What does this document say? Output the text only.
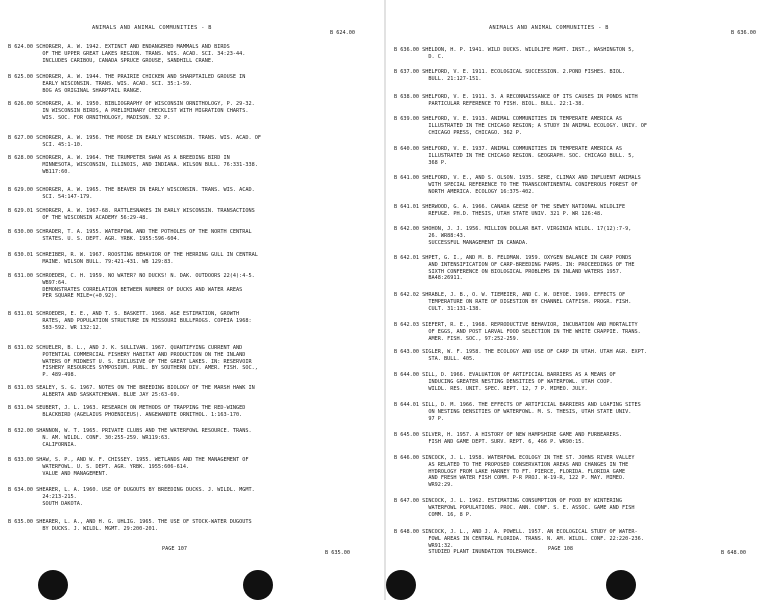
ANIMALS AND ANIMAL COMMUNITIES - B
B 624.00
B 624.00 SCHORGER, A. W. 1942. EXTINCT AND ENDANGERED MAMMALS AND BIRDS
OF THE UPPER GREAT LAKES REGION. TRANS. WIS. ACAD. SCI. 34:23-44.
INCLUDES CARIBOU, CANADA SPRUCE GROUSE, SANDHILL CRANE.
B 625.00 SCHORGER, A. W. 1944. THE PRAIRIE CHICKEN AND SHARPTAILED GROUSE IN
EARLY WISCONSIN. TRANS. WIS. ACAD. SCI. 35:1-59.
BOG AS ORIGINAL SHARPTAIL RANGE.
B 626.00 SCHORGER, A. W. 1950. BIBLIOGRAPHY OF WISCONSIN ORNITHOLOGY, P. 29-32.
IN WISCONSIN BIRDS, A PRELIMINARY CHECKLIST WITH MIGRATION CHARTS.
WIS. SOC. FOR ORNITHOLOGY, MADISON. 32 P.
B 627.00 SCHORGER, A. W. 1956. THE MOOSE IN EARLY WISCONSIN. TRANS. WIS. ACAD. OF
SCI. 45:1-10.
B 628.00 SCHORGER, A. W. 1964. THE TRUMPETER SWAN AS A BREEDING BIRD IN
MINNESOTA, WISCONSIN, ILLINOIS, AND INDIANA. WILSON BULL. 76:331-338.
WB117:60.
B 629.00 SCHORGER, A. W. 1965. THE BEAVER IN EARLY WISCONSIN. TRANS. WIS. ACAD.
SCI. 54:147-179.
B 629.01 SCHORGER, A. W. 1967-68. RATTLESNAKES IN EARLY WISCONSIN. TRANSACTIONS
OF THE WISCONSIN ACADEMY 56:29-48.
B 630.00 SCHRADER, T. A. 1955. WATERFOWL AND THE POTHOLES OF THE NORTH CENTRAL
STATES. U. S. DEPT. AGR. YRBK. 1955:596-604.
B 630.01 SCHREIBER, R. W. 1967. ROOSTING BEHAVIOR OF THE HERRING GULL IN CENTRAL
MAINE. WILSON BULL. 79:421-431. WB 129:83.
B 631.00 SCHROEDER, C. H. 1959. NO WATER? NO DUCKS! N. DAK. OUTDOORS 22(4):4-5.
WB97:64.
DEMONSTRATES CORRELATION BETWEEN NUMBER OF DUCKS AND WATER AREAS
PER SQUARE MILE=(+0.92).
B 631.01 SCHROEDER, E. E., AND T. S. BASKETT. 1968. AGE ESTIMATION, GROWTH
RATES, AND POPULATION STRUCTURE IN MISSOURI BULLFROGS. COPEIA 1968:
583-592. WR 132:12.
B 631.02 SCHUELER, B. L., AND J. K. SULLIVAN. 1967. QUANTIFYING CURRENT AND
POTENTIAL COMMERCIAL FISHERY HABITAT AND PRODUCTION ON THE INLAND
WATERS OF MIDWEST U. S. EXCLUSIVE OF THE GREAT LAKES. IN: RESERVOIR
FISHERY RESOURCES SYMPOSIUM. PUBL. BY SOUTHERN DIV. AMER. FISH. SOC.,
P. 489-498.
B 631.03 SEALEY, S. G. 1967. NOTES ON THE BREEDING BIOLOGY OF THE MARSH HAWK IN
ALBERTA AND SASKATCHEWAN. BLUE JAY 25:63-69.
B 631.04 SEUBERT, J. L. 1963. RESEARCH ON METHODS OF TRAPPING THE RED-WINGED
BLACKBIRD (AGELAIUS PHOENICEUS). ANGEWANDTE ORNITHOL. 1:163-170.
B 632.00 SHANNON, W. T. 1965. PRIVATE CLUBS AND THE WATERFOWL RESOURCE. TRANS.
N. AM. WILDL. CONF. 30:255-259. WR119:63.
CALIFORNIA.
B 633.00 SHAW, S. P., AND W. F. CHISSEY. 1955. WETLANDS AND THE MANAGEMENT OF
WATERFOWL. U. S. DEPT. AGR. YRBK. 1955:606-614.
VALUE AND MANAGEMENT.
B 634.00 SHEARER, L. A. 1960. USE OF DUGOUTS BY BREEDING DUCKS. J. WILDL. MGMT.
24:213-215.
SOUTH DAKOTA.
B 635.00 SHEARER, L. A., AND H. G. UHLIG. 1965. THE USE OF STOCK-WATER DUGOUTS
BY DUCKS. J. WILDL. MGMT. 29:200-201.
PAGE 107
B 635.00
ANIMALS AND ANIMAL COMMUNITIES - B
B 636.00
B 636.00 SHELDON, H. P. 1941. WILD DUCKS. WILDLIFE MGMT. INST., WASHINGTON 5,
D. C.
B 637.00 SHELFORD, V. E. 1911. ECOLOGICAL SUCCESSION. 2.POND FISHES. BIOL.
BULL. 21:127-151.
B 638.00 SHELFORD, V. E. 1911. 3. A RECONNAISSANCE OF ITS CAUSES IN PONDS WITH
PARTICULAR REFERENCE TO FISH. BIOL. BULL. 22:1-38.
B 639.00 SHELFORD, V. E. 1913. ANIMAL COMMUNITIES IN TEMPERATE AMERICA AS
ILLUSTRATED IN THE CHICAGO REGION; A STUDY IN ANIMAL ECOLOGY. UNIV. OF
CHICAGO PRESS, CHICAGO. 362 P.
B 640.00 SHELFORD, V. E. 1937. ANIMAL COMMUNITIES IN TEMPERATE AMERICA AS
ILLUSTRATED IN THE CHICAGO REGION. GEOGRAPH. SOC. CHICAGO BULL. 5,
368 P.
B 641.00 SHELFORD, V. E., AND S. OLSON. 1935. SERE, CLIMAX AND INFLUENT ANIMALS
WITH SPECIAL REFERENCE TO THE TRANSCONTINENTAL CONIFEROUS FOREST OF
NORTH AMERICA. ECOLOGY 16:375-402.
B 641.01 SHERWOOD, G. A. 1966. CANADA GEESE OF THE SEWEY NATIONAL WILDLIFE
REFUGE. PH.D. THESIS, UTAH STATE UNIV. 321 P. WR 126:48.
B 642.00 SHOHON, J. J. 1956. MILLION DOLLAR BAT. VIRGINIA WILDL. 17(12):7-9,
26. WR88:43.
SUCCESSFUL MANAGEMENT IN CANADA.
B 642.01 SHPET, G. I., AND M. B. FELDMAN. 1959. OXYGEN BALANCE IN CARP PONDS
AND INTENSIFICATION OF CARP-BREEDING FARMS. IN: PROCEEDINGS OF THE
SIXTH CONFERENCE ON BIOLOGICAL PROBLEMS IN INLAND WATERS 1957.
BA48:26911.
B 642.02 SHRABLE, J. B., O. W. TIEMEIER, AND C. W. DEYOE. 1969. EFFECTS OF
TEMPERATURE ON RATE OF DIGESTION BY CHANNEL CATFISH. PROGR. FISH.
CULT. 31:131-138.
B 642.03 SIEFERT, R. E., 1968. REPRODUCTIVE BEHAVIOR, INCUBATION AND MORTALITY
OF EGGS, AND POST LARVAL FOOD SELECTION IN THE WHITE CRAPPIE. TRANS.
AMER. FISH. SOC., 97:252-259.
B 643.00 SIGLER, W. F. 1958. THE ECOLOGY AND USE OF CARP IN UTAH. UTAH AGR. EXPT.
STA. BULL. 405.
B 644.00 SILL, D. 1966. EVALUATION OF ARTIFICIAL BARRIERS AS A MEANS OF
INDUCING GREATER NESTING DENSITIES OF WATERFOWL. UTAH COOP.
WILDL. RES. UNIT. SPEC. REPT. 12, 7 P. MIMEO. JULY.
B 644.01 SILL, D. M. 1966. THE EFFECTS OF ARTIFICIAL BARRIERS AND LOAFING SITES
ON NESTING DENSITIES OF WATERFOWL. M. S. THESIS, UTAH STATE UNIV.
97 P.
B 645.00 SILVER, H. 1957. A HISTORY OF NEW HAMPSHIRE GAME AND FURBEARERS.
FISH AND GAME DEPT. SURV. REPT. 6, 466 P. WR90:15.
B 646.00 SINCOCK, J. L. 1958. WATERFOWL ECOLOGY IN THE ST. JOHNS RIVER VALLEY
AS RELATED TO THE PROPOSED CONSERVATION AREAS AND CHANGES IN THE
HYDROLOGY FROM LAKE HARNEY TO FT. PIERCE, FLORIDA. FLORIDA GAME
AND FRESH WATER FISH COMM. P-R PROJ. W-19-R, 122 P. MAY. MIMEO.
WR92:29.
B 647.00 SINCOCK, J. L. 1962. ESTIMATING CONSUMPTION OF FOOD BY WINTERING
WATERFOWL POPULATIONS. PROC. ANN. CONF. S. E. ASSOC. GAME AND FISH
COMM. 16, 8 P.
B 648.00 SINCOCK, J. L., AND J. A. POWELL. 1957. AN ECOLOGICAL STUDY OF WATER-
FOWL AREAS IN CENTRAL FLORIDA. TRANS. N. AM. WILDL. CONF. 22:220-236.
WR91:32.
STUDIED PLANT INUNDATION TOLERANCE.
PAGE 108
B 648.00
